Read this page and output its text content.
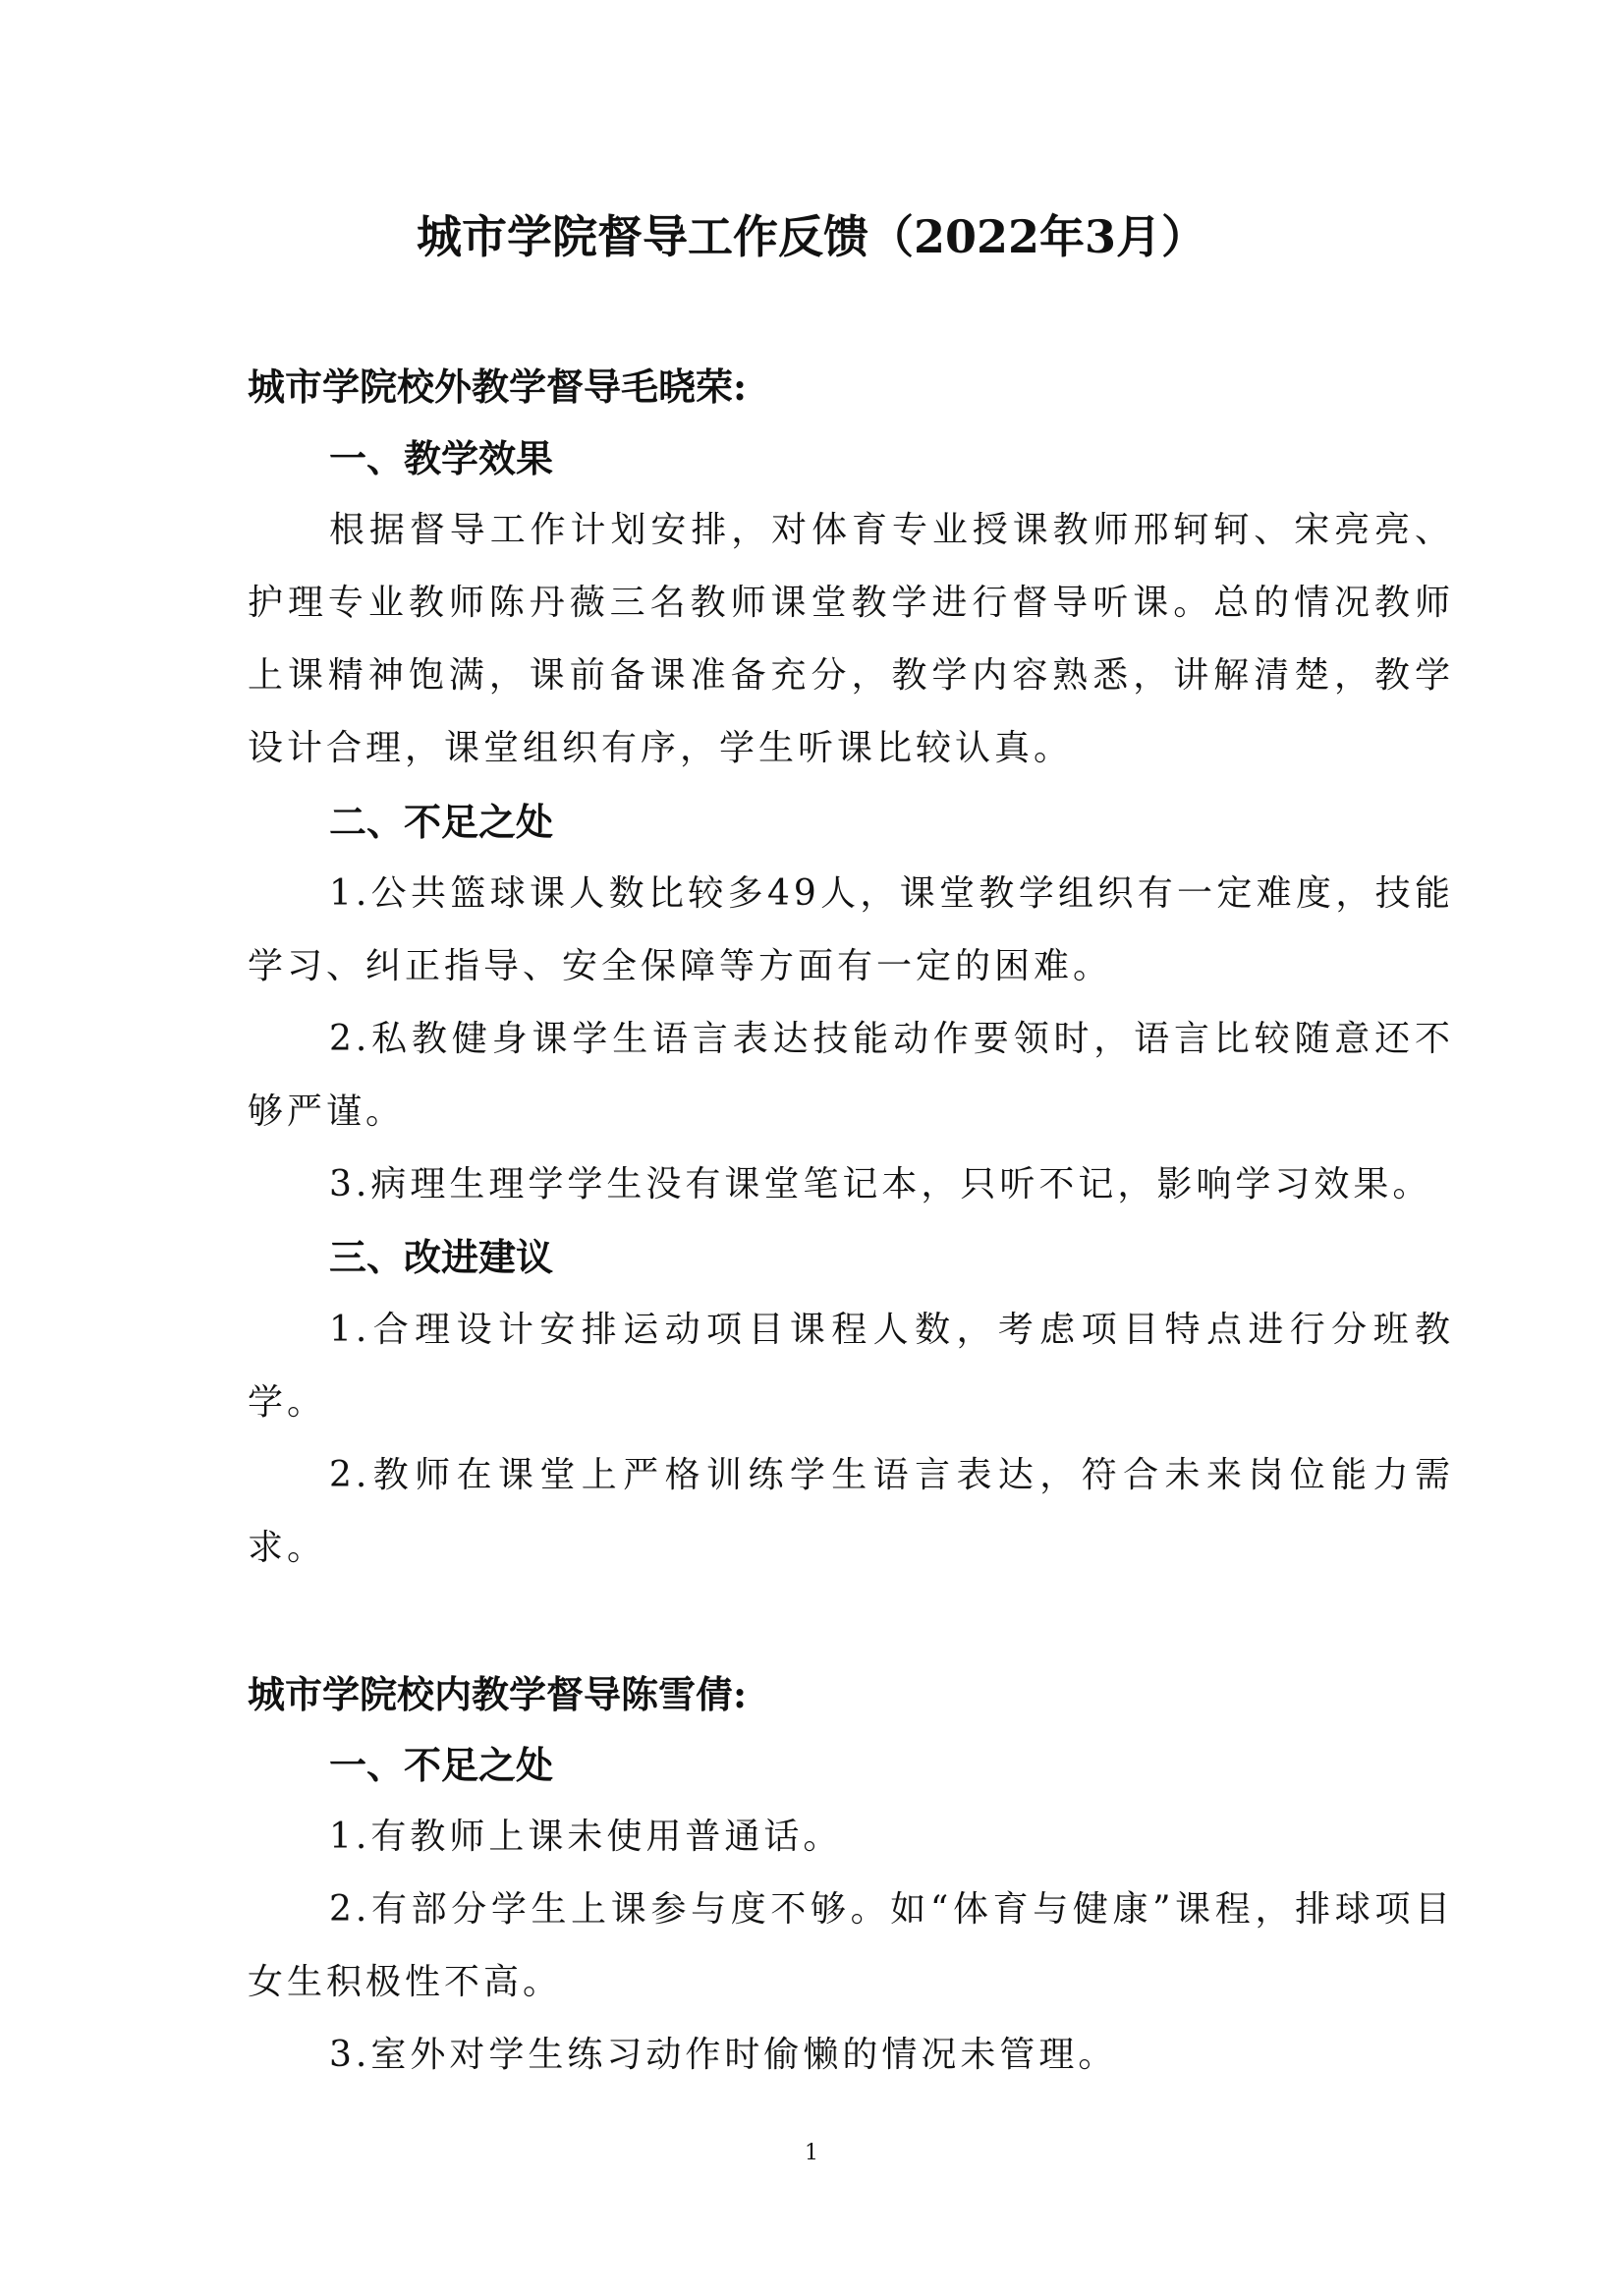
城市学院督导工作反馈（2022年3月）
城市学院校外教学督导毛晓荣:
一、教学效果

根据督导工作计划安排，对体育专业授课教师邢轲轲、宋亮亮、护理专业教师陈丹薇三名教师课堂教学进行督导听课。总的情况教师上课精神饱满，课前备课准备充分，教学内容熟悉，讲解清楚，教学设计合理，课堂组织有序，学生听课比较认真。

二、不足之处

1.公共篮球课人数比较多49人，课堂教学组织有一定难度，技能学习、纠正指导、安全保障等方面有一定的困难。

2.私教健身课学生语言表达技能动作要领时，语言比较随意还不够严谨。

3.病理生理学学生没有课堂笔记本，只听不记，影响学习效果。

三、改进建议

1.合理设计安排运动项目课程人数，考虑项目特点进行分班教学。

2.教师在课堂上严格训练学生语言表达，符合未来岗位能力需求。

城市学院校内教学督导陈雪倩:
一、不足之处

1.有教师上课未使用普通话。

2.有部分学生上课参与度不够。如“体育与健康”课程，排球项目女生积极性不高。

3.室外对学生练习动作时偷懒的情况未管理。

1
